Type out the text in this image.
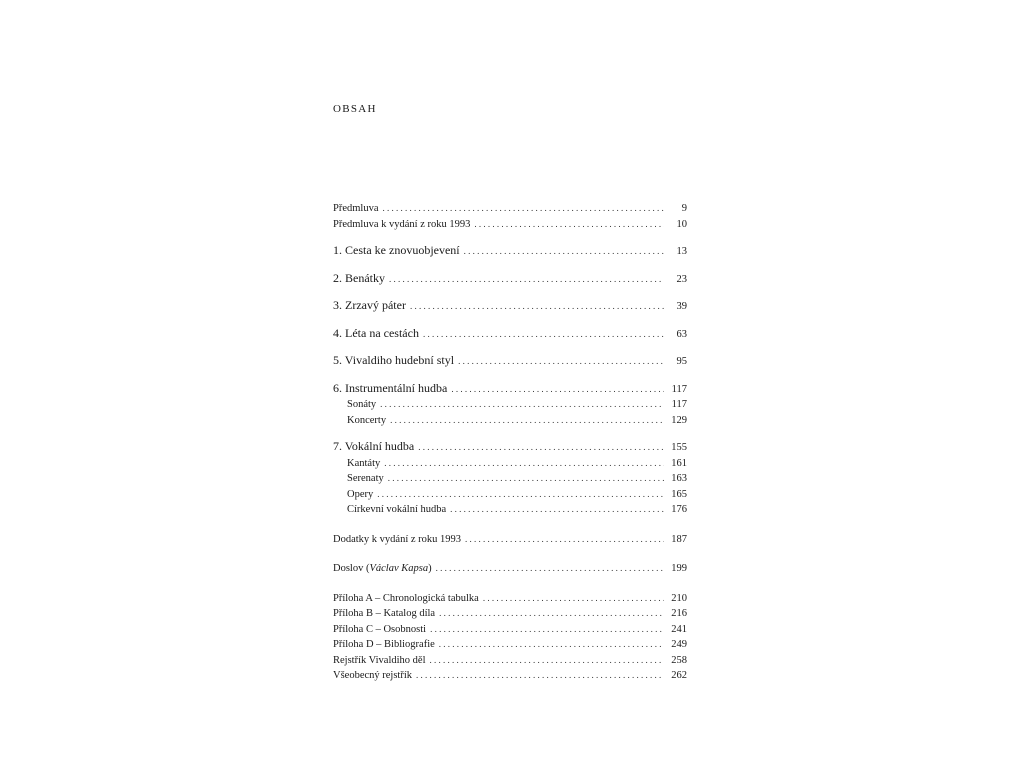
OBSAH
Předmluva . . .	9
Předmluva k vydání z roku 1993 . . .	10
1. Cesta ke znovuobjevení . . .	13
2. Benátky . . .	23
3. Zrzavý páter . . .	39
4. Léta na cestách . . .	63
5. Vivaldiho hudební styl . . .	95
6. Instrumentální hudba . . .	117
Sonáty . . .	117
Koncerty . . .	129
7. Vokální hudba . . .	155
Kantáty . . .	161
Serenaty . . .	163
Opery . . .	165
Církevní vokální hudba . . .	176
Dodatky k vydání z roku 1993 . . .	187
Doslov (Václav Kapsa) . . .	199
Příloha A – Chronologická tabulka . . .	210
Příloha B – Katalog díla . . .	216
Příloha C – Osobnosti . . .	241
Příloha D – Bibliografie . . .	249
Rejstřík Vivaldiho děl . . .	258
Všeobecný rejstřík . . .	262
